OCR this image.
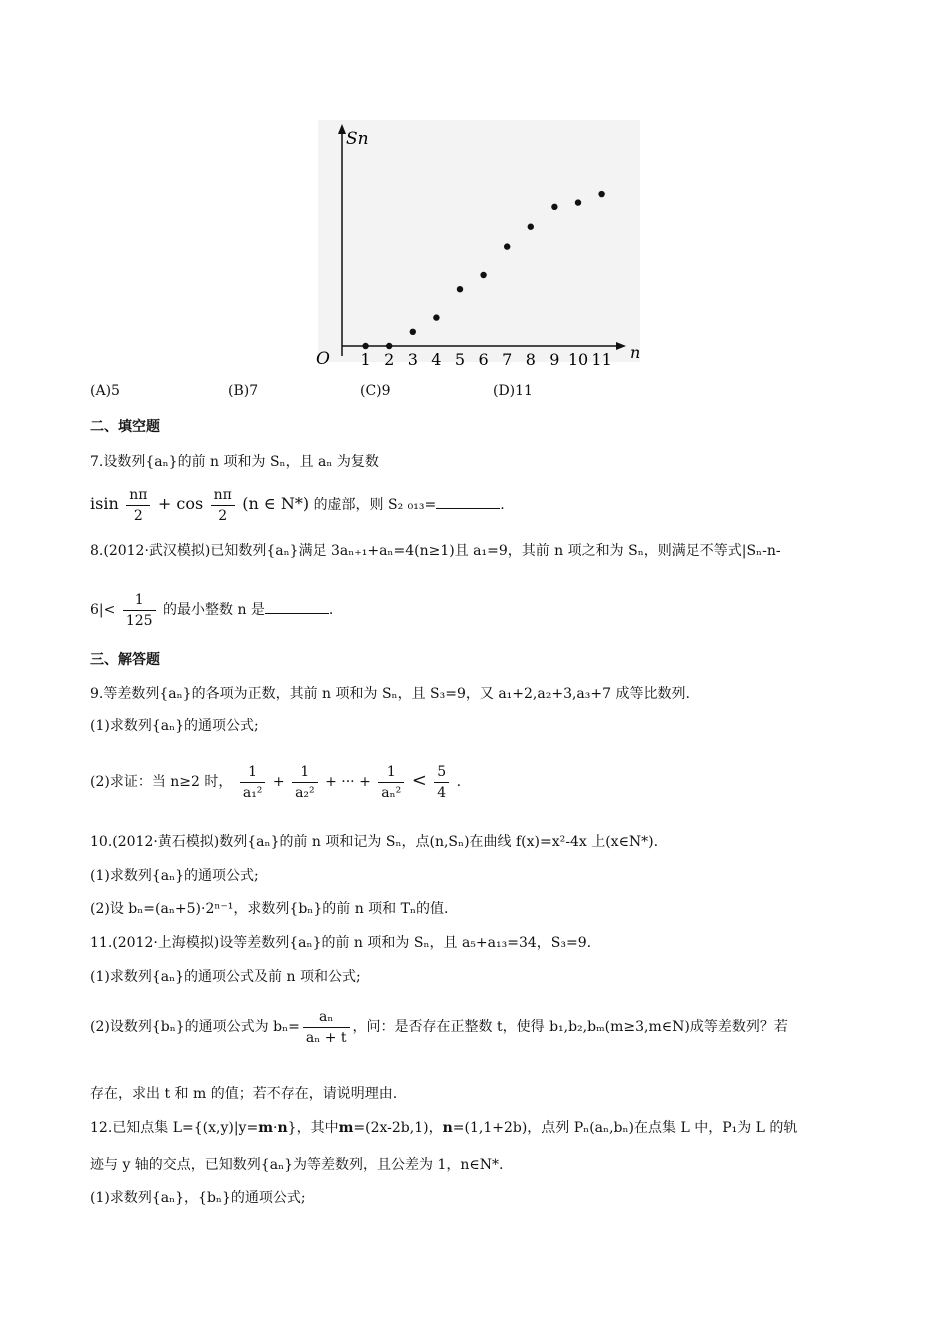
Sn
n
O 1 2 3 4 5 6 7 8 9 10 11
(A)5	(B)7	(C)9	(D)11
二、填空题
7.设数列{aₙ}的前 n 项和为 Sₙ，且 aₙ 为复数
isin $\frac{n\pi}{2} + \cos \frac{n\pi}{2} (n$ ∈ N*) 的虚部，则 S₂ ₀₁₃=	.
8.(2012·武汉模拟)已知数列{aₙ}满足 3aₙ₊₁+aₙ=4(n≥1)且 a₁=9，其前 n 项之和为 Sₙ，则满足不等式|Sₙ-n-
$6|< \frac{1}{125}$ 的最小整数 n 是	.
三、解答题
9.等差数列{aₙ}的各项为正数，其前 n 项和为 Sₙ，且 S₃=9，又 a₁+2,a₂+3,a₃+7 成等比数列.
(1)求数列{aₙ}的通项公式;
(2)求证：当 n≥2 时， $\frac{1}{\text{a₁²}} + \frac{1}{\text{a₂²}}$ + ··· + $\frac{1}{\text{aₙ²}} < \frac{5}{4}$ .
10.(2012·黄石模拟)数列{aₙ}的前 n 项和记为 Sₙ，点(n,Sₙ)在曲线 f(x)=x²-4x 上(x∈N*).
(1)求数列{aₙ}的通项公式;
(2)设 bₙ=(aₙ+5)·2ⁿ⁻¹，求数列{bₙ}的前 n 项和 Tₙ的值.
11.(2012·上海模拟)设等差数列{aₙ}的前 n 项和为 Sₙ，且 a₅+a₁₃=34，S₃=9.
(1)求数列{aₙ}的通项公式及前 n 项和公式;
(2)设数列{bₙ}的通项公式为 $b_n= \frac{\text{aₙ}}{\text{aₙ + t}}$ ，问：是否存在正整数 t，使得 b₁,b₂,bₘ(m≥3,m∈N)成等差数列？若
存在，求出 t 和 m 的值；若不存在，请说明理由.
12.已知点集 L={(x,y)|y=m·n}，其中m=(2x-2b,1)，n=(1,1+2b)，点列 Pₙ(aₙ,bₙ)在点集 L 中，P₁为 L 的轨
迹与 y 轴的交点，已知数列{aₙ}为等差数列，且公差为 1，n∈N*.
(1)求数列{aₙ}，{bₙ}的通项公式;
